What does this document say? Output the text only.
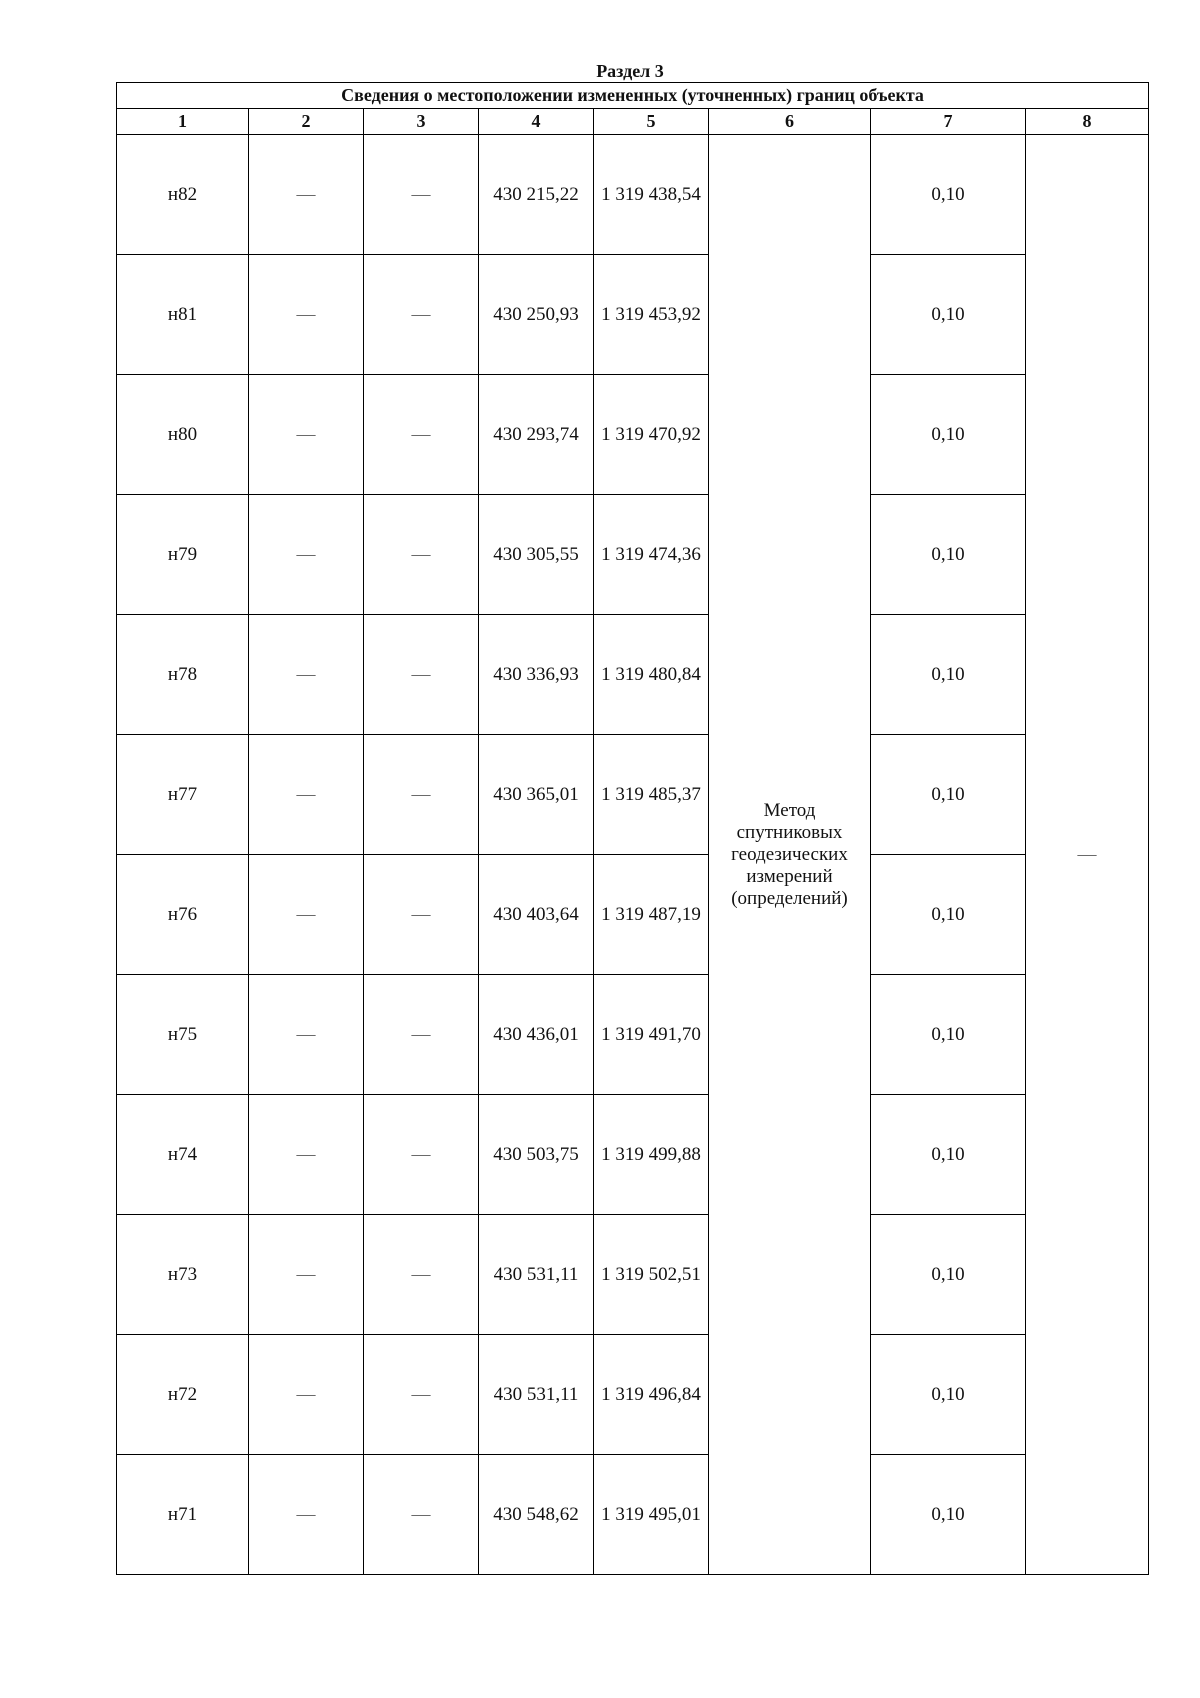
Раздел 3
Сведения о местоположении измененных (уточненных) границ объекта							
1	2	3	4	5	6	7	8
н82	—	—	430 215,22	1 319 438,54	Метод
спутниковых
геодезических
измерений
(определений)	0,10	—
н81	—	—	430 250,93	1 319 453,92		0,10	
н80	—	—	430 293,74	1 319 470,92		0,10	
н79	—	—	430 305,55	1 319 474,36		0,10	
н78	—	—	430 336,93	1 319 480,84		0,10	
н77	—	—	430 365,01	1 319 485,37		0,10	
н76	—	—	430 403,64	1 319 487,19		0,10	
н75	—	—	430 436,01	1 319 491,70		0,10	
н74	—	—	430 503,75	1 319 499,88		0,10	
н73	—	—	430 531,11	1 319 502,51		0,10	
н72	—	—	430 531,11	1 319 496,84		0,10	
н71	—	—	430 548,62	1 319 495,01		0,10	
